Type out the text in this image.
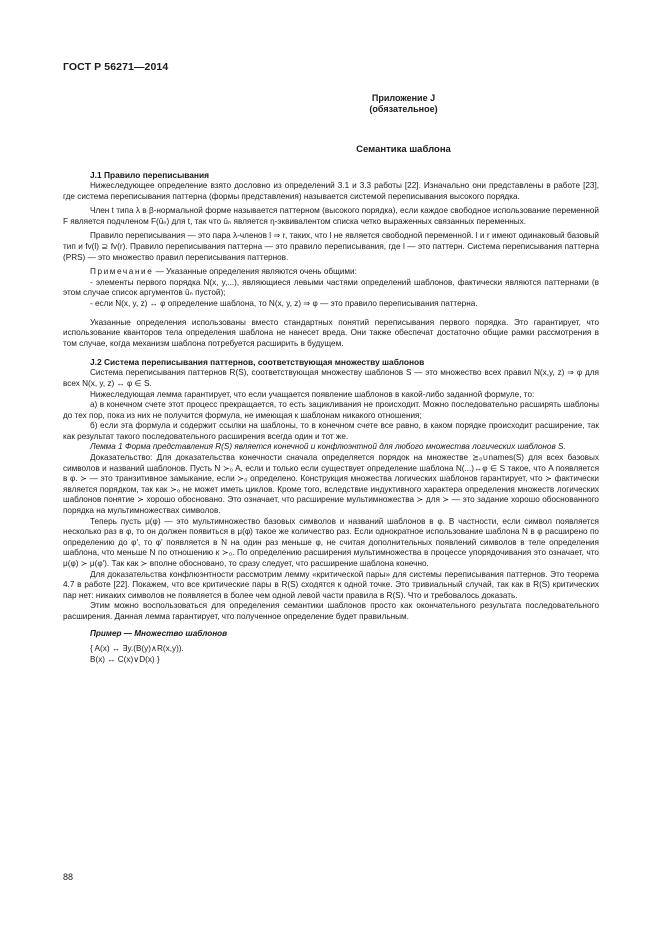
ГОСТ Р 56271—2014
Приложение J
(обязательное)
Семантика шаблона
J.1 Правило переписывания

Нижеследующее определение взято дословно из определений 3.1 и 3.3 работы [22]. Изначально они представлены в работе [23], где система переписывания паттерна (формы представления) называется системой переписывания высокого порядка.

Член t типа λ в β-нормальной форме называется паттерном (высокого порядка), если каждое свободное использование переменной F является подчленом F(ūₙ) для t, так что ūₙ является η-эквивалентом списка четко выраженных связанных переменных.

Правило переписывания — это пара λ-членов l ⇒ r, таких, что l не является свободной переменной. l и r имеют одинаковый базовый тип и fv(l) ⊇ fv(r). Правило переписывания паттерна — это правило переписывания, где l — это паттерн. Система переписывания паттерна (PRS) — это множество правил переписывания паттернов.

Примечание — Указанные определения являются очень общими:

- элементы первого порядка N(x, y,...), являющиеся левыми частями определений шаблонов, фактически являются паттернами (в этом случае список аргументов ūₙ пустой);

- если N(x, y, z) ↔ φ определение шаблона, то N(x, y, z) ⇒ φ — это правило переписывания паттерна.

Указанные определения использованы вместо стандартных понятий переписывания первого порядка. Это гарантирует, что использование кванторов тела определения шаблона не нанесет вреда. Они также обеспечат достаточно общие рамки рассмотрения в том случае, когда механизм шаблона потребуется расширить в будущем.

J.2 Система переписывания паттернов, соответствующая множеству шаблонов

Система переписывания паттернов R(S), соответствующая множеству шаблонов S — это множество всех правил N(x,y, z) ⇒ φ для всех N(x, y, z) ↔ φ ∈ S.

Нижеследующая лемма гарантирует, что если учащается появление шаблонов в какой-либо заданной формуле, то:

а) в конечном счете этот процесс прекращается, то есть зацикливания не происходит. Можно последовательно расширять шаблоны до тех пор, пока из них не получится формула, не имеющая к шаблонам никакого отношения;

б) если эта формула и содержит ссылки на шаблоны, то в конечном счете все равно, в каком порядке происходит расширение, так как результат такого последовательного расширения всегда один и тот же.

Лемма 1 Форма представления R(S) является конечной и конфлюэнтной для любого множества логических шаблонов S.

Доказательство: Для доказательства конечности сначала определяется порядок на множестве ⪰₀∪names(S) для всех базовых символов и названий шаблонов. Пусть N ≻₀ A, если и только если существует определение шаблона N(...)↔φ ∈ S такое, что A появляется в φ. ≻ — это транзитивное замыкание, если ≻₀ определено. Конструкция множества логических шаблонов гарантирует, что ≻ фактически является порядком, так как ≻₀ не может иметь циклов. Кроме того, вследствие индуктивного характера определения множеств логических шаблонов понятие ≻ хорошо обосновано. Это означает, что расширение мультимножества ≻ для ≻ — это задание хорошо обоснованного порядка на мультимножествах символов.

Теперь пусть μ(φ) — это мультимножество базовых символов и названий шаблонов в φ. В частности, если символ появляется несколько раз в φ, то он должен появиться в μ(φ) такое же количество раз. Если однократное использование шаблона N в φ расширено по определению до φ′, то φ′ появляется в N на один раз меньше φ, не считая дополнительных появлений символов в теле определения шаблона, что меньше N по отношению к ≻₀. По определению расширения мультимножества в процессе упорядочивания это означает, что μ(φ) ≻ μ(φ′). Так как ≻ вполне обосновано, то сразу следует, что расширение шаблона конечно.

Для доказательства конфлюэнтности рассмотрим лемму «критической пары» для системы переписывания паттернов. Это теорема 4.7 в работе [22]. Покажем, что все критические пары в R(S) сходятся к одной точке. Это тривиальный случай, так как в R(S) критических пар нет: никаких символов не появляется в более чем одной левой части правила в R(S). Что и требовалось доказать.

Этим можно воспользоваться для определения семантики шаблонов просто как окончательного результата последовательного расширения. Данная лемма гарантирует, что полученное определение будет правильным.

Пример — Множество шаблонов

{ A(x) ↔ ∃y.(B(y)∧R(x,y)).
B(x) ↔ C(x)∨D(x) }
88
